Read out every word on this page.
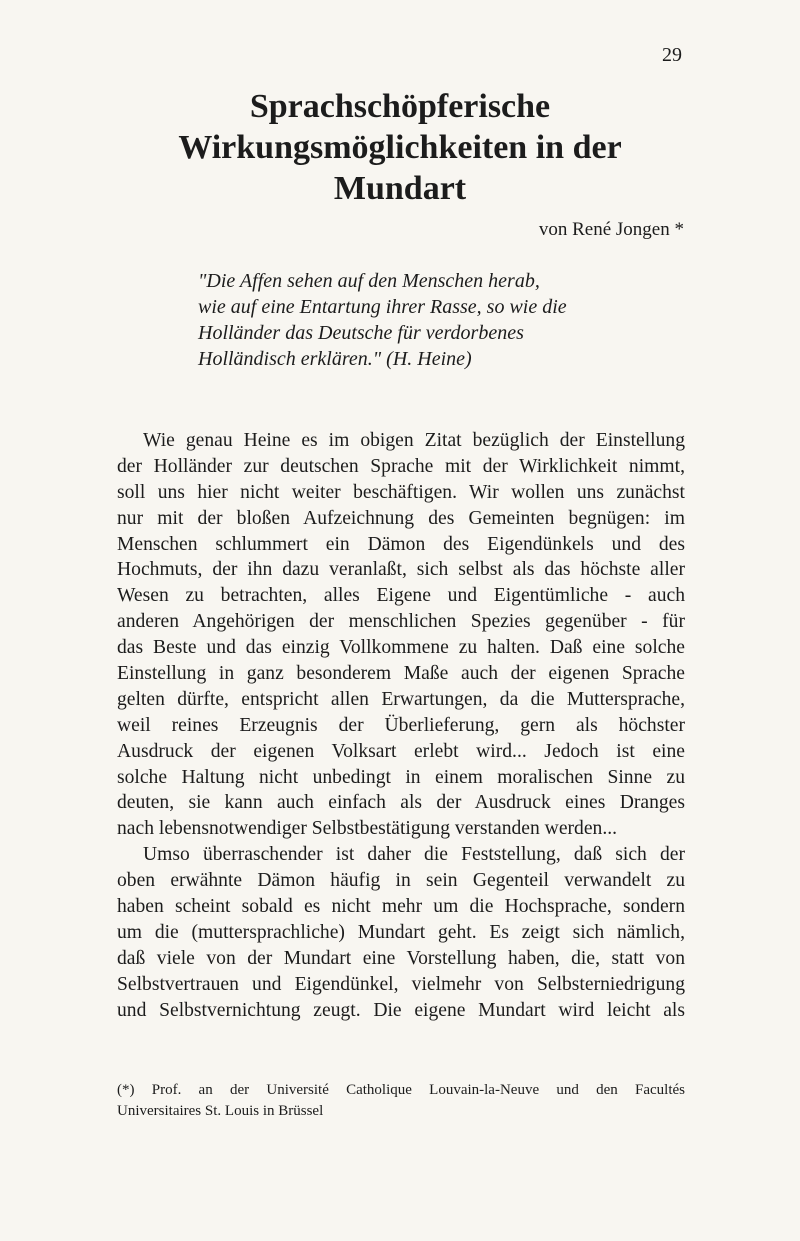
29
Sprachschöpferische
Wirkungsmöglichkeiten in der
Mundart
von René Jongen *
"Die Affen sehen auf den Menschen herab,
wie auf eine Entartung ihrer Rasse, so wie die
Holländer das Deutsche für verdorbenes
Holländisch erklären." (H. Heine)
Wie genau Heine es im obigen Zitat bezüglich der Einstellung
der Holländer zur deutschen Sprache mit der Wirklichkeit nimmt,
soll uns hier nicht weiter beschäftigen. Wir wollen uns zunächst
nur mit der bloßen Aufzeichnung des Gemeinten begnügen: im
Menschen schlummert ein Dämon des Eigendünkels und des
Hochmuts, der ihn dazu veranlaßt, sich selbst als das höchste aller
Wesen zu betrachten, alles Eigene und Eigentümliche - auch
anderen Angehörigen der menschlichen Spezies gegenüber - für
das Beste und das einzig Vollkommene zu halten. Daß eine solche
Einstellung in ganz besonderem Maße auch der eigenen Sprache
gelten dürfte, entspricht allen Erwartungen, da die Muttersprache,
weil reines Erzeugnis der Überlieferung, gern als höchster
Ausdruck der eigenen Volksart erlebt wird... Jedoch ist eine
solche Haltung nicht unbedingt in einem moralischen Sinne zu
deuten, sie kann auch einfach als der Ausdruck eines Dranges
nach lebensnotwendiger Selbstbestätigung verstanden werden...
Umso überraschender ist daher die Feststellung, daß sich der
oben erwähnte Dämon häufig in sein Gegenteil verwandelt zu
haben scheint sobald es nicht mehr um die Hochsprache, sondern
um die (muttersprachliche) Mundart geht. Es zeigt sich nämlich,
daß viele von der Mundart eine Vorstellung haben, die, statt von
Selbstvertrauen und Eigendünkel, vielmehr von Selbsterniedrigung
und Selbstvernichtung zeugt. Die eigene Mundart wird leicht als
(*) Prof. an der Université Catholique Louvain-la-Neuve und den Facultés
Universitaires St. Louis in Brüssel
